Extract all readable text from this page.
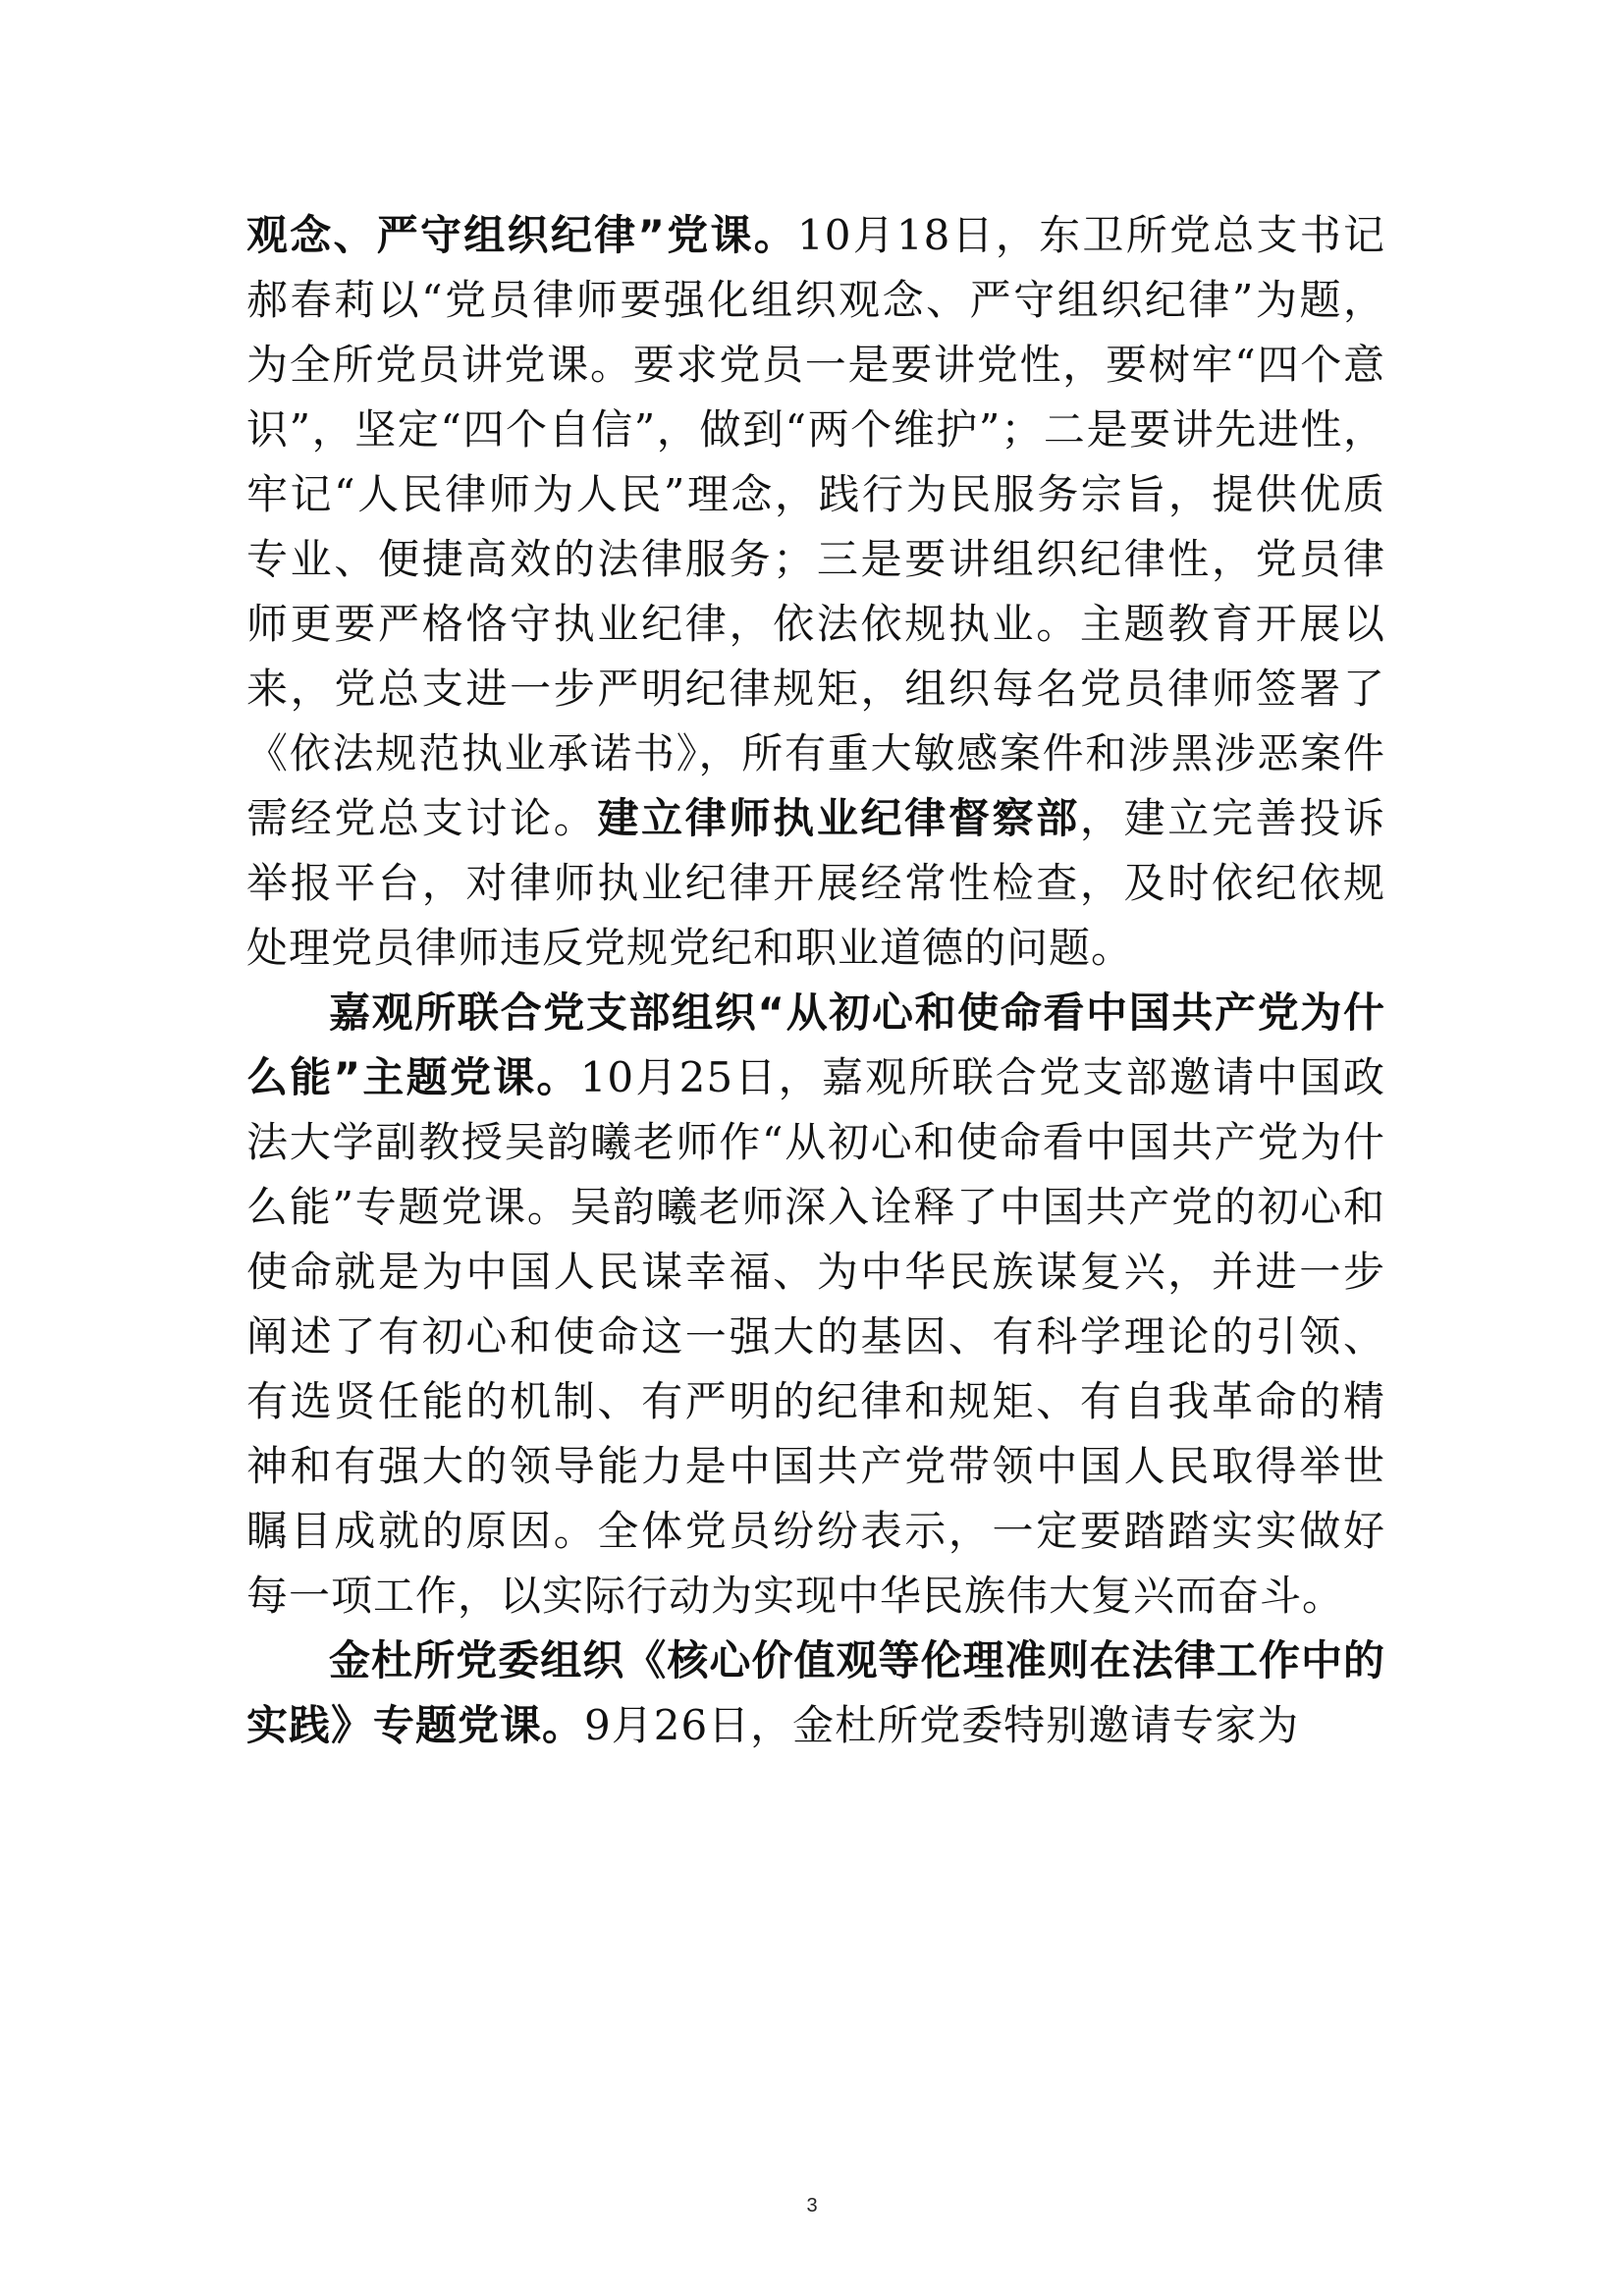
观念、严守组织纪律”党课。10月18日，东卫所党总支书记郝春莉以“党员律师要强化组织观念、严守组织纪律”为题，为全所党员讲党课。要求党员一是要讲党性，要树牢“四个意识”，坚定“四个自信”，做到“两个维护”；二是要讲先进性，牢记“人民律师为人民”理念，践行为民服务宗旨，提供优质专业、便捷高效的法律服务；三是要讲组织纪律性，党员律师更要严格恪守执业纪律，依法依规执业。主题教育开展以来，党总支进一步严明纪律规矩，组织每名党员律师签署了《依法规范执业承诺书》，所有重大敏感案件和涉黑涉恶案件需经党总支讨论。建立律师执业纪律督察部，建立完善投诉举报平台，对律师执业纪律开展经常性检查，及时依纪依规处理党员律师违反党规党纪和职业道德的问题。

嘉观所联合党支部组织“从初心和使命看中国共产党为什么能”主题党课。10月25日，嘉观所联合党支部邀请中国政法大学副教授吴韵曦老师作“从初心和使命看中国共产党为什么能”专题党课。吴韵曦老师深入诠释了中国共产党的初心和使命就是为中国人民谋幸福、为中华民族谋复兴，并进一步阐述了有初心和使命这一强大的基因、有科学理论的引领、有选贤任能的机制、有严明的纪律和规矩、有自我革命的精神和有强大的领导能力是中国共产党带领中国人民取得举世瞩目成就的原因。全体党员纷纷表示，一定要踏踏实实做好每一项工作，以实际行动为实现中华民族伟大复兴而奋斗。

金杜所党委组织《核心价值观等伦理准则在法律工作中的实践》专题党课。9月26日，金杜所党委特别邀请专家为

3
